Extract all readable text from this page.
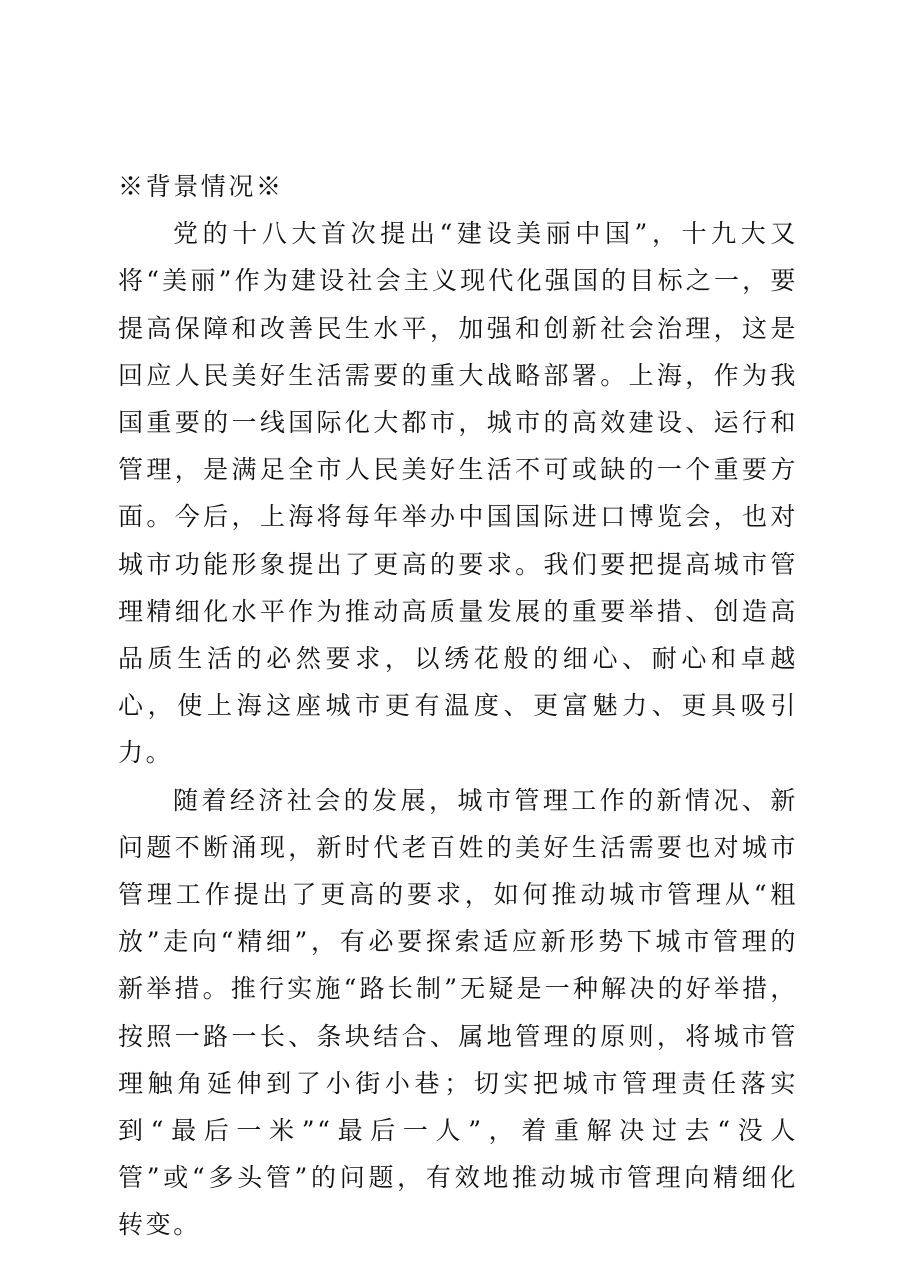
※背景情况※

党的十八大首次提出“建设美丽中国”，十九大又将“美丽”作为建设社会主义现代化强国的目标之一，要提高保障和改善民生水平，加强和创新社会治理，这是回应人民美好生活需要的重大战略部署。上海，作为我国重要的一线国际化大都市，城市的高效建设、运行和管理，是满足全市人民美好生活不可或缺的一个重要方面。今后，上海将每年举办中国国际进口博览会，也对城市功能形象提出了更高的要求。我们要把提高城市管理精细化水平作为推动高质量发展的重要举措、创造高品质生活的必然要求，以绣花般的细心、耐心和卓越心，使上海这座城市更有温度、更富魅力、更具吸引力。

随着经济社会的发展，城市管理工作的新情况、新问题不断涌现，新时代老百姓的美好生活需要也对城市管理工作提出了更高的要求，如何推动城市管理从“粗放”走向“精细”，有必要探索适应新形势下城市管理的新举措。推行实施“路长制”无疑是一种解决的好举措，按照一路一长、条块结合、属地管理的原则，将城市管理触角延伸到了小街小巷；切实把城市管理责任落实到“最后一米”“最后一人”，着重解决过去“没人管”或“多头管”的问题，有效地推动城市管理向精细化转变。
